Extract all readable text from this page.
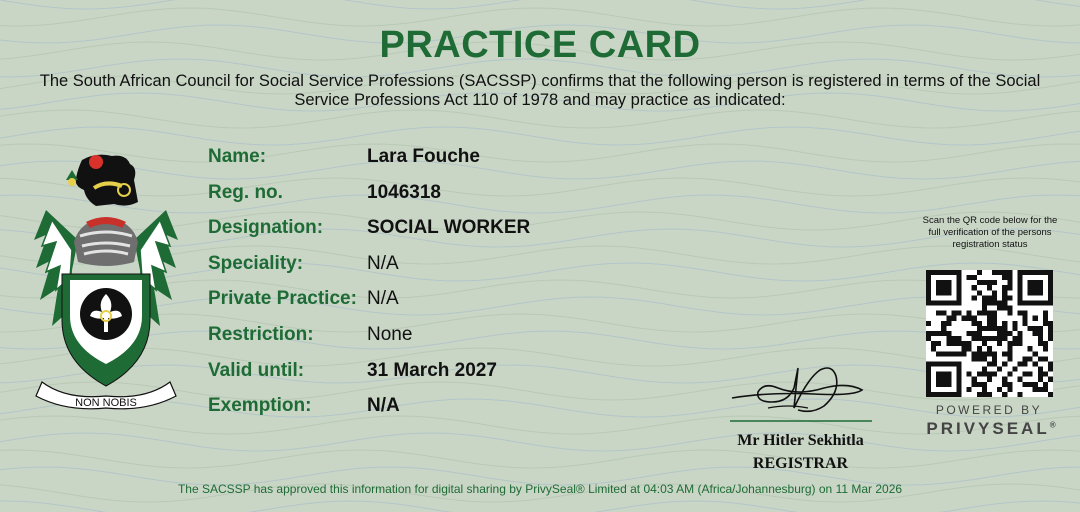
PRACTICE CARD
The South African Council for Social Service Professions (SACSSP) confirms that the following person is registered in terms of the Social Service Professions Act 110 of 1978 and may practice as indicated:
NON NOBIS
Name:	Lara Fouche
Reg. no.	1046318
Designation: SOCIAL WORKER
Speciality:	N/A
Private Practice: N/A
Restriction:	None
Valid until:	31 March 2027
Exemption:	N/A
Mr Hitler Sekhitla
REGISTRAR
Scan the QR code below for the full verification of the persons registration status
POWERED BY
PRIVYSEAL®
The SACSSP has approved this information for digital sharing by PrivySeal® Limited at 04:03 AM (Africa/Johannesburg) on 11 Mar 2026
